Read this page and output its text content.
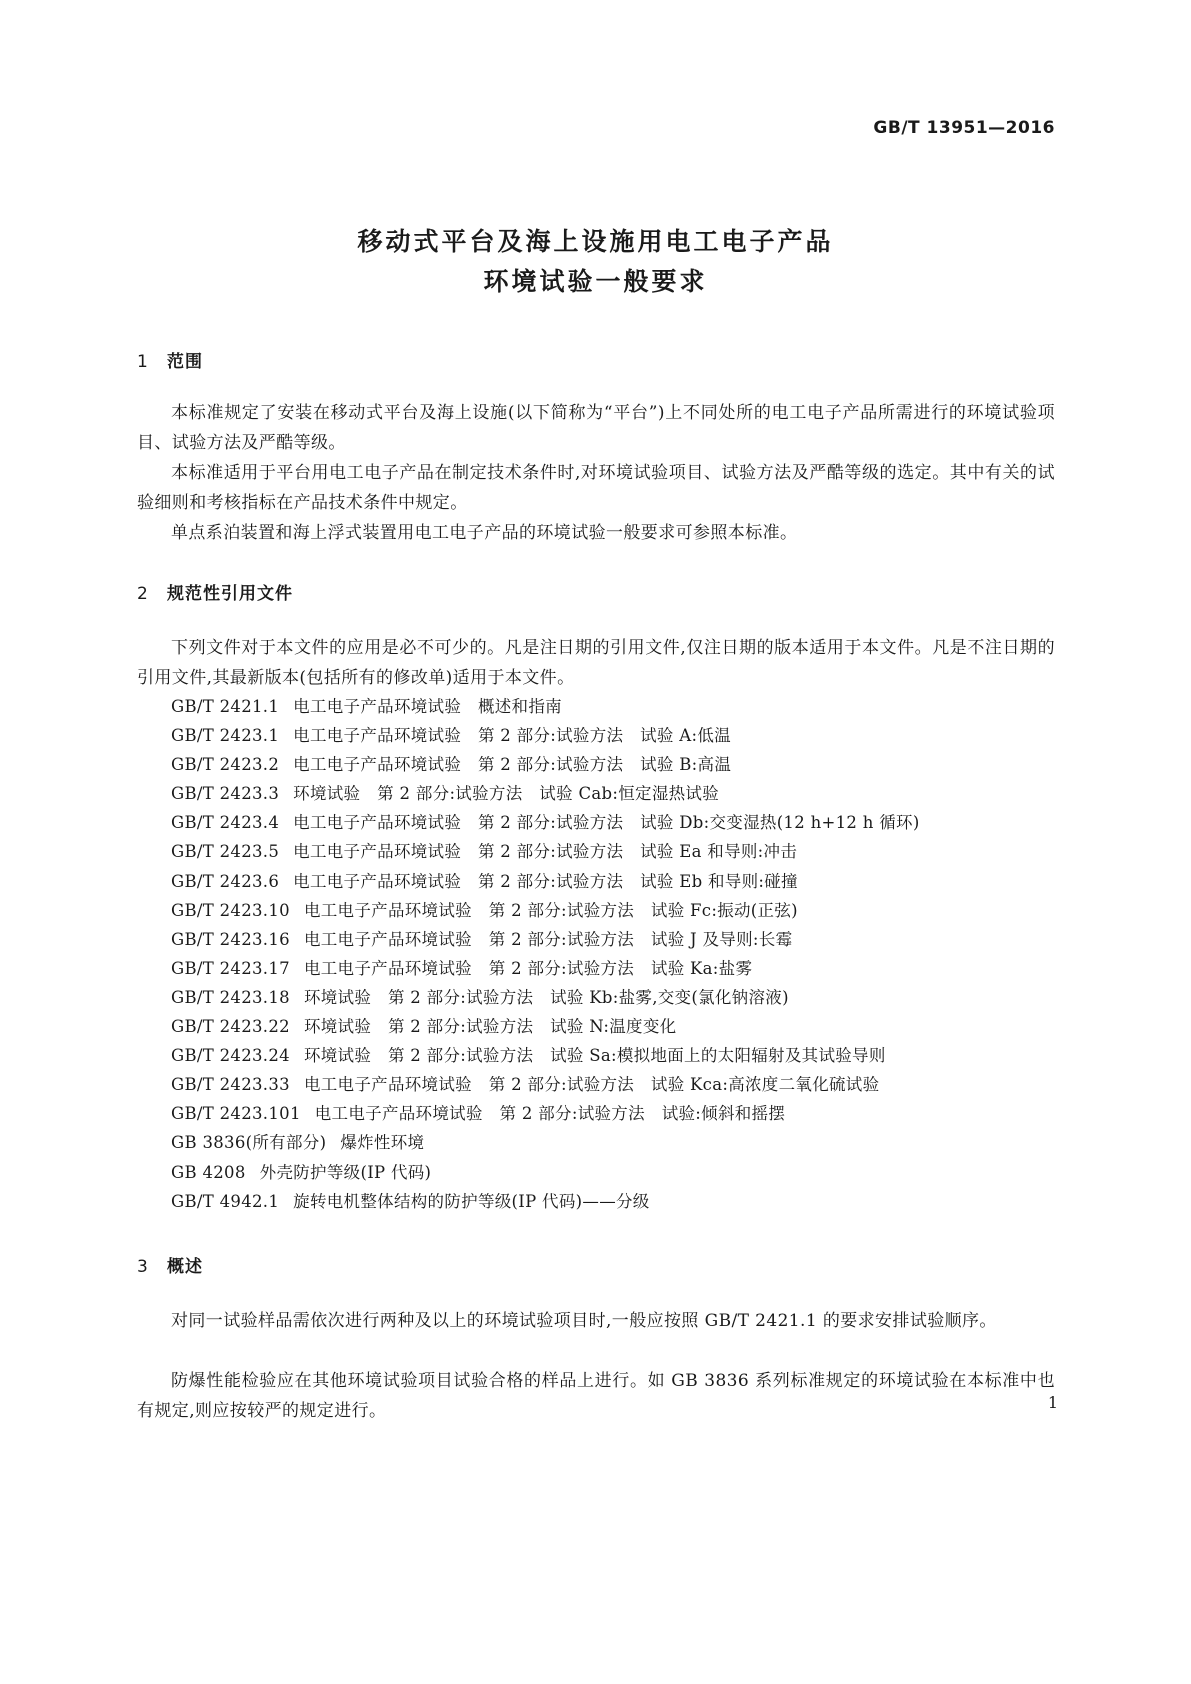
GB/T 13951—2016
移动式平台及海上设施用电工电子产品
环境试验一般要求
1 范围
本标准规定了安装在移动式平台及海上设施(以下简称为“平台”)上不同处所的电工电子产品所需进行的环境试验项目、试验方法及严酷等级。
本标准适用于平台用电工电子产品在制定技术条件时,对环境试验项目、试验方法及严酷等级的选定。其中有关的试验细则和考核指标在产品技术条件中规定。
单点系泊装置和海上浮式装置用电工电子产品的环境试验一般要求可参照本标准。
2 规范性引用文件
下列文件对于本文件的应用是必不可少的。凡是注日期的引用文件,仅注日期的版本适用于本文件。凡是不注日期的引用文件,其最新版本(包括所有的修改单)适用于本文件。
GB/T 2421.1 电工电子产品环境试验　概述和指南
GB/T 2423.1 电工电子产品环境试验　第 2 部分:试验方法　试验 A:低温
GB/T 2423.2 电工电子产品环境试验　第 2 部分:试验方法　试验 B:高温
GB/T 2423.3 环境试验　第 2 部分:试验方法　试验 Cab:恒定湿热试验
GB/T 2423.4 电工电子产品环境试验　第 2 部分:试验方法　试验 Db:交变湿热(12 h+12 h 循环)
GB/T 2423.5 电工电子产品环境试验　第 2 部分:试验方法　试验 Ea 和导则:冲击
GB/T 2423.6 电工电子产品环境试验　第 2 部分:试验方法　试验 Eb 和导则:碰撞
GB/T 2423.10 电工电子产品环境试验　第 2 部分:试验方法　试验 Fc:振动(正弦)
GB/T 2423.16 电工电子产品环境试验　第 2 部分:试验方法　试验 J 及导则:长霉
GB/T 2423.17 电工电子产品环境试验　第 2 部分:试验方法　试验 Ka:盐雾
GB/T 2423.18 环境试验　第 2 部分:试验方法　试验 Kb:盐雾,交变(氯化钠溶液)
GB/T 2423.22 环境试验　第 2 部分:试验方法　试验 N:温度变化
GB/T 2423.24 环境试验　第 2 部分:试验方法　试验 Sa:模拟地面上的太阳辐射及其试验导则
GB/T 2423.33 电工电子产品环境试验　第 2 部分:试验方法　试验 Kca:高浓度二氧化硫试验
GB/T 2423.101 电工电子产品环境试验　第 2 部分:试验方法　试验:倾斜和摇摆
GB 3836(所有部分) 爆炸性环境
GB 4208 外壳防护等级(IP 代码)
GB/T 4942.1 旋转电机整体结构的防护等级(IP 代码)——分级
3 概述
对同一试验样品需依次进行两种及以上的环境试验项目时,一般应按照 GB/T 2421.1 的要求安排试验顺序。
防爆性能检验应在其他环境试验项目试验合格的样品上进行。如 GB 3836 系列标准规定的环境试验在本标准中也有规定,则应按较严的规定进行。	1
